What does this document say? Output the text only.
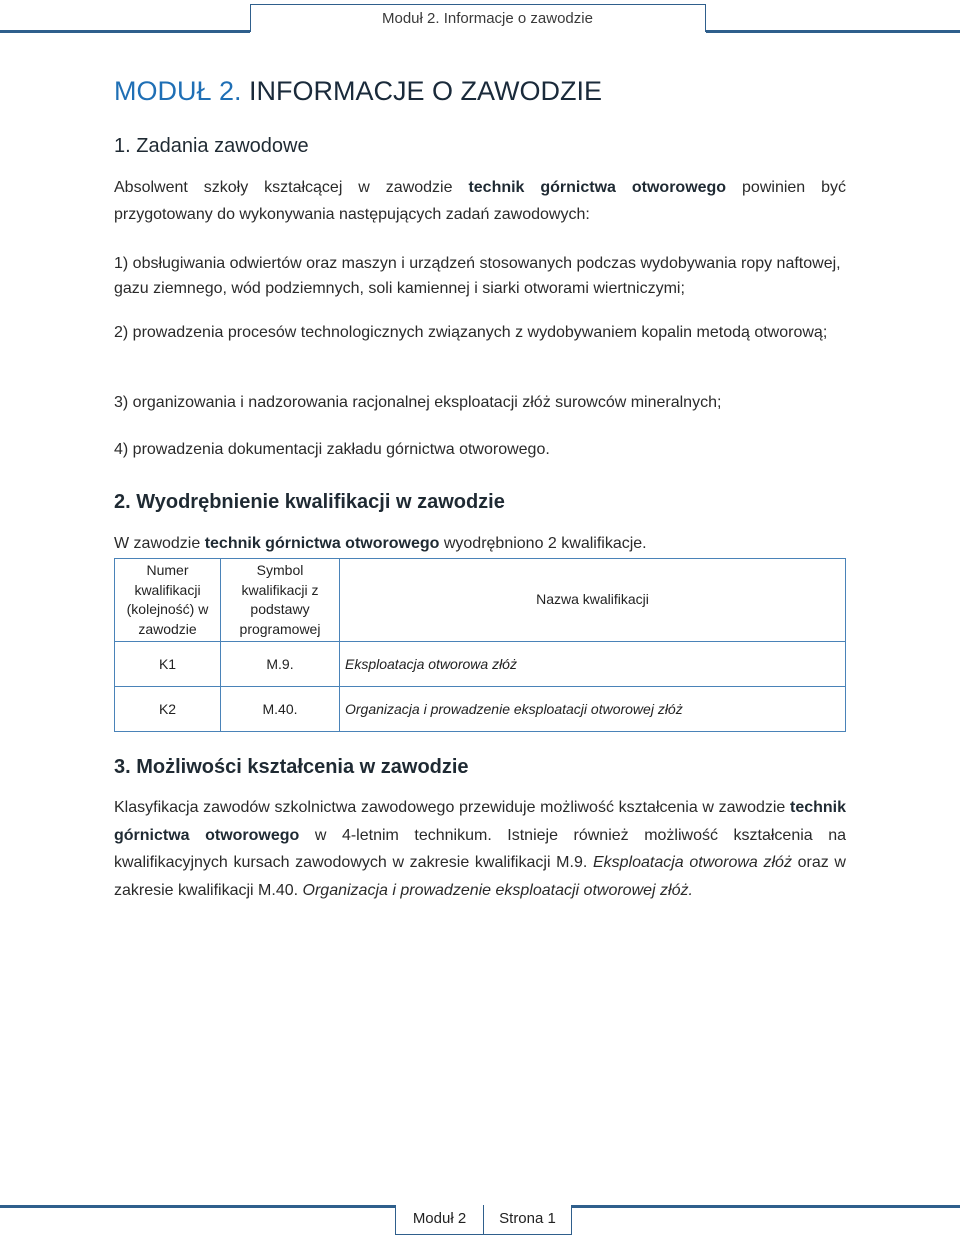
Moduł 2. Informacje o zawodzie
MODUŁ 2. INFORMACJE O ZAWODZIE
1. Zadania zawodowe

Absolwent szkoły kształcącej w zawodzie technik górnictwa otworowego powinien być

przygotowany do wykonywania następujących zadań zawodowych:

1) obsługiwania odwiertów oraz maszyn i urządzeń stosowanych podczas wydobywania ropy naftowej, gazu ziemnego, wód podziemnych, soli kamiennej i siarki otworami wiertniczymi;

2) prowadzenia procesów technologicznych związanych z wydobywaniem kopalin metodą otworową;

3) organizowania i nadzorowania racjonalnej eksploatacji złóż surowców mineralnych;

4) prowadzenia dokumentacji zakładu górnictwa otworowego.

2. Wyodrębnienie kwalifikacji w zawodzie

W zawodzie technik górnictwa otworowego wyodrębniono 2 kwalifikacje.

Numer kwalifikacji (kolejność) w zawodzie	Symbol kwalifikacji z podstawy programowej	Nazwa kwalifikacji
K1	M.9.	Eksploatacja otworowa złóż
K2	M.40.	Organizacja i prowadzenie eksploatacji otworowej złóż
3. Możliwości kształcenia w zawodzie

Klasyfikacja zawodów szkolnictwa zawodowego przewiduje możliwość kształcenia w zawodzie technik górnictwa otworowego w 4-letnim technikum. Istnieje również możliwość kształcenia na kwalifikacyjnych kursach zawodowych w zakresie kwalifikacji M.9. Eksploatacja otworowa złóż oraz w zakresie kwalifikacji M.40. Organizacja i prowadzenie eksploatacji otworowej złóż.

Moduł 2	Strona 1
